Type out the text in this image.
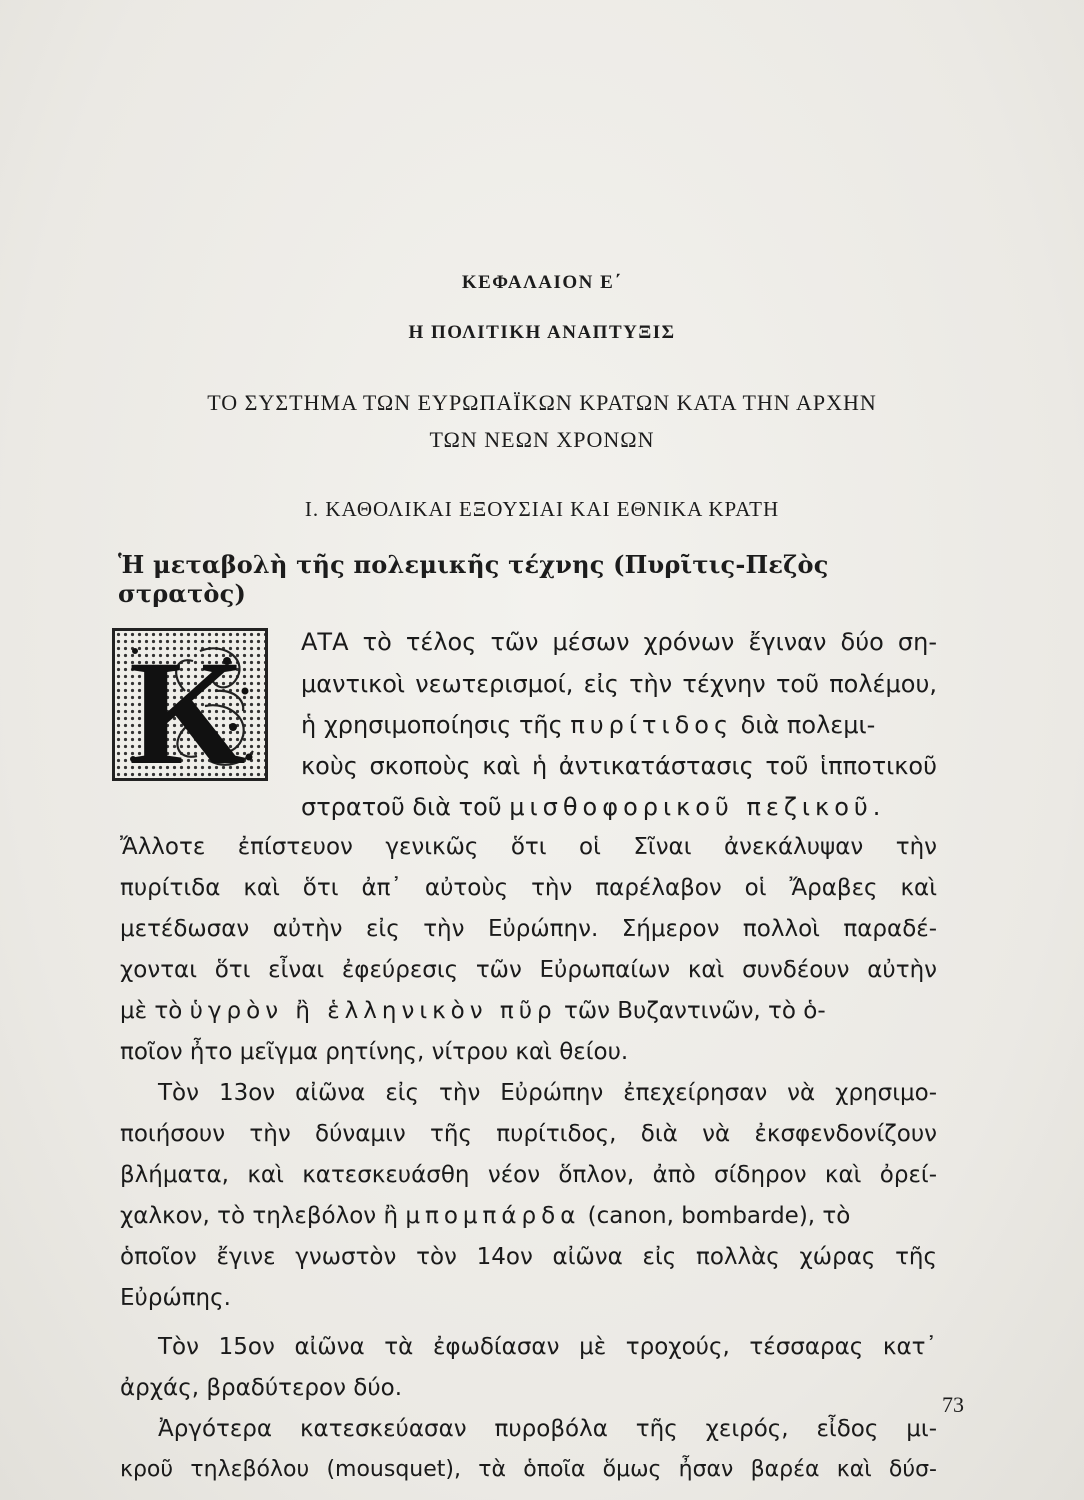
ΚΕΦΑΛΑΙΟΝ Ε΄
Η ΠΟΛΙΤΙΚΗ ΑΝΑΠΤΥΞΙΣ
ΤΟ ΣΥΣΤΗΜΑ ΤΩΝ ΕΥΡΩΠΑΪΚΩΝ ΚΡΑΤΩΝ ΚΑΤΑ ΤΗΝ ΑΡΧΗΝ
ΤΩΝ ΝΕΩΝ ΧΡΟΝΩΝ
Ι. ΚΑΘΟΛΙΚΑΙ ΕΞΟΥΣΙΑΙ ΚΑΙ ΕΘΝΙΚΑ ΚΡΑΤΗ
Ἡ μεταβολὴ τῆς πολεμικῆς τέχνης (Πυρῖτις-Πεζὸς στρατὸς)
Κ ΑΤΑ τὸ τέλος τῶν μέσων χρόνων ἔγιναν δύο ση-
μαντικοὶ νεωτερισμοί, εἰς τὴν τέχνην τοῦ πολέμου,
ἡ χρησιμοποίησις τῆς πυρίτιδος διὰ πολεμι-
κοὺς σκοποὺς καὶ ἡ ἀντικατάστασις τοῦ ἱπποτικοῦ
στρατοῦ διὰ τοῦ μισθοφορικοῦ πεζικοῦ.
Ἄλλοτε ἐπίστευον γενικῶς ὅτι οἱ Σῖναι ἀνεκάλυψαν τὴν
πυρίτιδα καὶ ὅτι ἀπ᾿ αὐτοὺς τὴν παρέλαβον οἱ Ἄραβες καὶ
μετέδωσαν αὐτὴν εἰς τὴν Εὐρώπην. Σήμερον πολλοὶ παραδέ-
χονται ὅτι εἶναι ἐφεύρεσις τῶν Εὐρωπαίων καὶ συνδέουν αὐτὴν
μὲ τὸ ὑγρὸν ἢ ἑλληνικὸν πῦρ τῶν Βυζαντινῶν, τὸ ὁ-
ποῖον ἦτο μεῖγμα ρητίνης, νίτρου καὶ θείου.
Τὸν 13ον αἰῶνα εἰς τὴν Εὐρώπην ἐπεχείρησαν νὰ χρησιμο-
ποιήσουν τὴν δύναμιν τῆς πυρίτιδος, διὰ νὰ ἐκσφενδονίζουν
βλήματα, καὶ κατεσκευάσθη νέον ὅπλον, ἀπὸ σίδηρον καὶ ὀρεί-
χαλκον, τὸ τηλεβόλον ἢ μπομπάρδα (canon, bombarde), τὸ
ὁποῖον ἔγινε γνωστὸν τὸν 14ον αἰῶνα εἰς πολλὰς χώρας τῆς
Εὐρώπης.
Τὸν 15ον αἰῶνα τὰ ἐφωδίασαν μὲ τροχούς, τέσσαρας κατ᾿
ἀρχάς, βραδύτερον δύο.
Ἀργότερα κατεσκεύασαν πυροβόλα τῆς χειρός, εἶδος μι-
κροῦ τηλεβόλου (mousquet), τὰ ὁποῖα ὅμως ἦσαν βαρέα καὶ δύσ-
73
